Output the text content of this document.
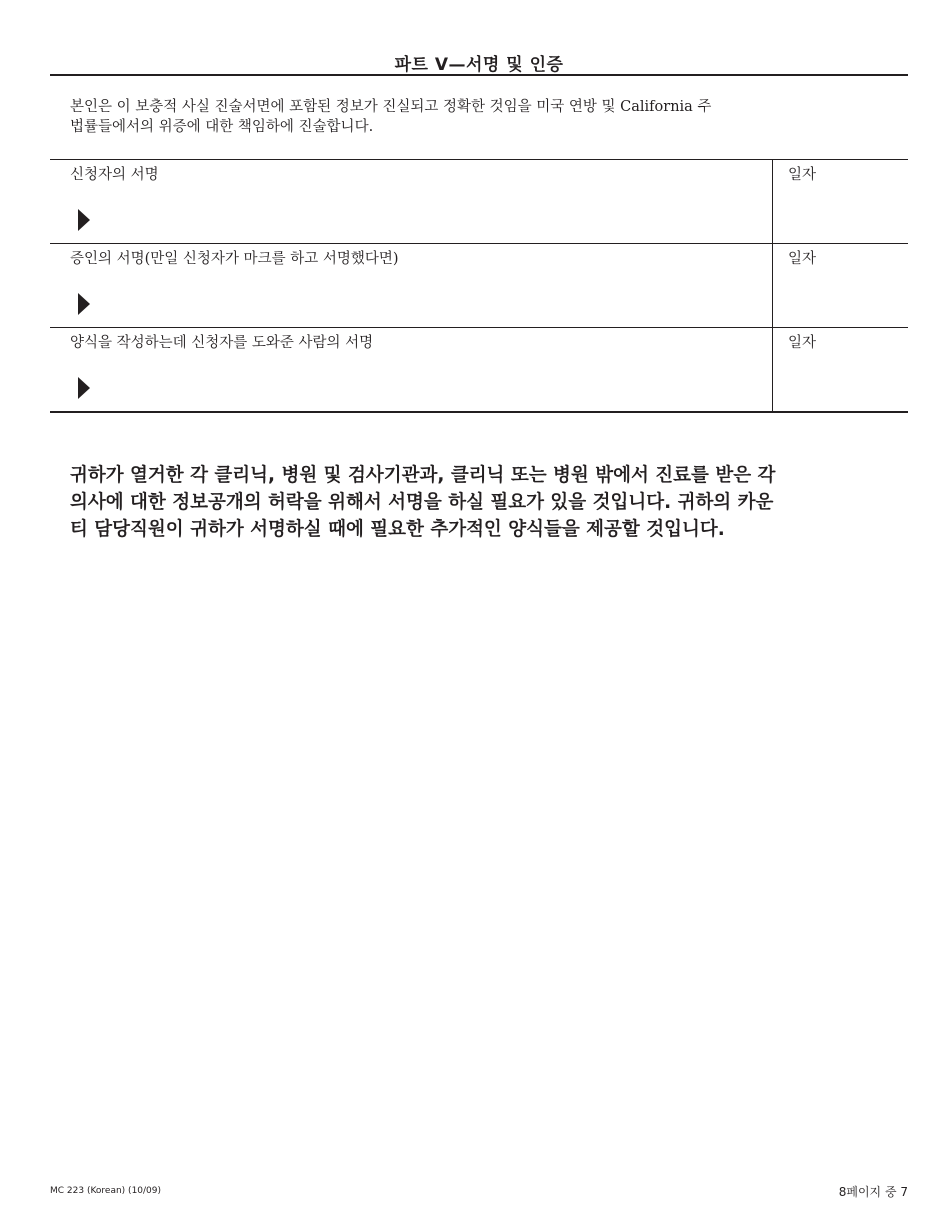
파트 V—서명 및 인증
본인은 이 보충적 사실 진술서면에 포함된 정보가 진실되고 정확한 것임을 미국 연방 및 California 주
법률들에서의 위증에 대한 책임하에 진술합니다.
신청자의 서명	일자
증인의 서명(만일 신청자가 마크를 하고 서명했다면)	일자
양식을 작성하는데 신청자를 도와준 사람의 서명	일자
귀하가 열거한 각 클리닉, 병원 및 검사기관과, 클리닉 또는 병원 밖에서 진료를 받은 각
의사에 대한 정보공개의 허락을 위해서 서명을 하실 필요가 있을 것입니다. 귀하의 카운
티 담당직원이 귀하가 서명하실 때에 필요한 추가적인 양식들을 제공할 것입니다.
MC 223 (Korean) (10/09)	8페이지 중 7
